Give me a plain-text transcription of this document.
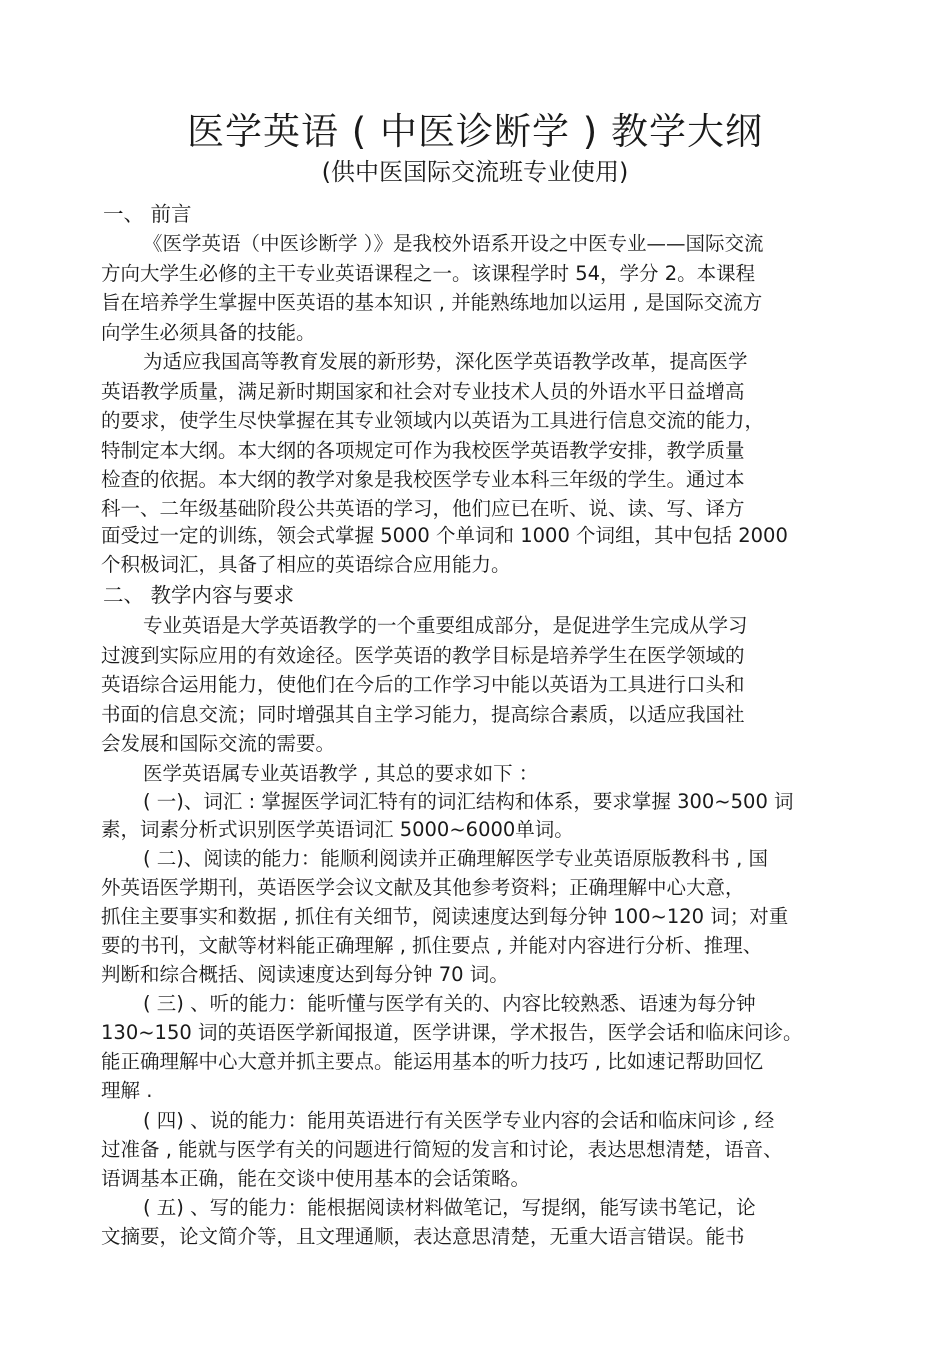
医学英语 ( 中医诊断学 ) 教学大纲
(供中医国际交流班专业使用)
一、 前言
《医学英语（中医诊断学 ）》是我校外语系开设之中医专业——国际交流
方向大学生必修的主干专业英语课程之一。该课程学时 54，学分 2。本课程
旨在培养学生掌握中医英语的基本知识 , 并能熟练地加以运用 , 是国际交流方
向学生必须具备的技能。
为适应我国高等教育发展的新形势，深化医学英语教学改革，提高医学
英语教学质量，满足新时期国家和社会对专业技术人员的外语水平日益增高
的要求，使学生尽快掌握在其专业领域内以英语为工具进行信息交流的能力，
特制定本大纲。本大纲的各项规定可作为我校医学英语教学安排，教学质量
检查的依据。本大纲的教学对象是我校医学专业本科三年级的学生。通过本
科一、二年级基础阶段公共英语的学习，他们应已在听、说、读、写、译方
面受过一定的训练，领会式掌握 5000 个单词和 1000 个词组，其中包括 2000
个积极词汇，具备了相应的英语综合应用能力。
二、 教学内容与要求
专业英语是大学英语教学的一个重要组成部分，是促进学生完成从学习
过渡到实际应用的有效途径。医学英语的教学目标是培养学生在医学领域的
英语综合运用能力，使他们在今后的工作学习中能以英语为工具进行口头和
书面的信息交流；同时增强其自主学习能力，提高综合素质，以适应我国社
会发展和国际交流的需要。
医学英语属专业英语教学 , 其总的要求如下 ：
( 一)、词汇 : 掌握医学词汇特有的词汇结构和体系，要求掌握 300~500 词
素，词素分析式识别医学英语词汇 5000~6000单词。
( 二)、阅读的能力：能顺利阅读并正确理解医学专业英语原版教科书 , 国
外英语医学期刊，英语医学会议文献及其他参考资料；正确理解中心大意，
抓住主要事实和数据 , 抓住有关细节，阅读速度达到每分钟 100~120 词；对重
要的书刊，文献等材料能正确理解 , 抓住要点 , 并能对内容进行分析、推理、
判断和综合概括、阅读速度达到每分钟 70 词。
( 三) 、听的能力：能听懂与医学有关的、内容比较熟悉、语速为每分钟
130~150 词的英语医学新闻报道，医学讲课，学术报告，医学会话和临床问诊。
能正确理解中心大意并抓主要点。能运用基本的听力技巧 , 比如速记帮助回忆
理解 .
( 四) 、说的能力：能用英语进行有关医学专业内容的会话和临床问诊 , 经
过准备 , 能就与医学有关的问题进行简短的发言和讨论，表达思想清楚，语音、
语调基本正确，能在交谈中使用基本的会话策略。
( 五) 、写的能力：能根据阅读材料做笔记，写提纲，能写读书笔记，论
文摘要，论文简介等，且文理通顺，表达意思清楚，无重大语言错误。能书
